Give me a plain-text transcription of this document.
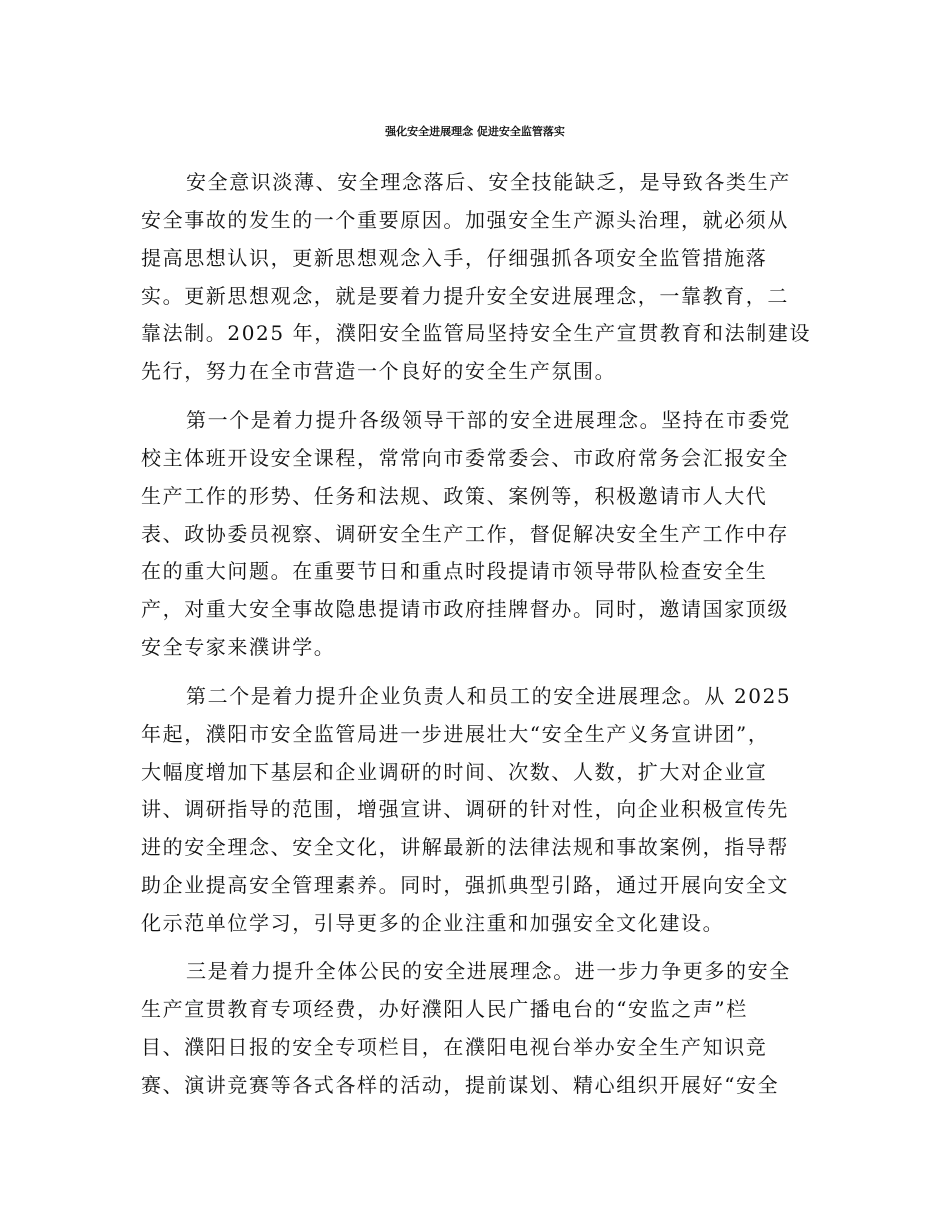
强化安全进展理念 促进安全监管落实
安全意识淡薄、安全理念落后、安全技能缺乏，是导致各类生产
安全事故的发生的一个重要原因。加强安全生产源头治理，就必须从
提高思想认识，更新思想观念入手，仔细强抓各项安全监管措施落
实。更新思想观念，就是要着力提升安全安进展理念，一靠教育，二
靠法制。2025 年，濮阳安全监管局坚持安全生产宣贯教育和法制建设
先行，努力在全市营造一个良好的安全生产氛围。
第一个是着力提升各级领导干部的安全进展理念。坚持在市委党
校主体班开设安全课程，常常向市委常委会、市政府常务会汇报安全
生产工作的形势、任务和法规、政策、案例等，积极邀请市人大代
表、政协委员视察、调研安全生产工作，督促解决安全生产工作中存
在的重大问题。在重要节日和重点时段提请市领导带队检查安全生
产，对重大安全事故隐患提请市政府挂牌督办。同时，邀请国家顶级
安全专家来濮讲学。
第二个是着力提升企业负责人和员工的安全进展理念。从 2025
年起，濮阳市安全监管局进一步进展壮大“安全生产义务宣讲团”，
大幅度增加下基层和企业调研的时间、次数、人数，扩大对企业宣
讲、调研指导的范围，增强宣讲、调研的针对性，向企业积极宣传先
进的安全理念、安全文化，讲解最新的法律法规和事故案例，指导帮
助企业提高安全管理素养。同时，强抓典型引路，通过开展向安全文
化示范单位学习，引导更多的企业注重和加强安全文化建设。
三是着力提升全体公民的安全进展理念。进一步力争更多的安全
生产宣贯教育专项经费，办好濮阳人民广播电台的“安监之声”栏
目、濮阳日报的安全专项栏目，在濮阳电视台举办安全生产知识竞
赛、演讲竞赛等各式各样的活动，提前谋划、精心组织开展好“安全
